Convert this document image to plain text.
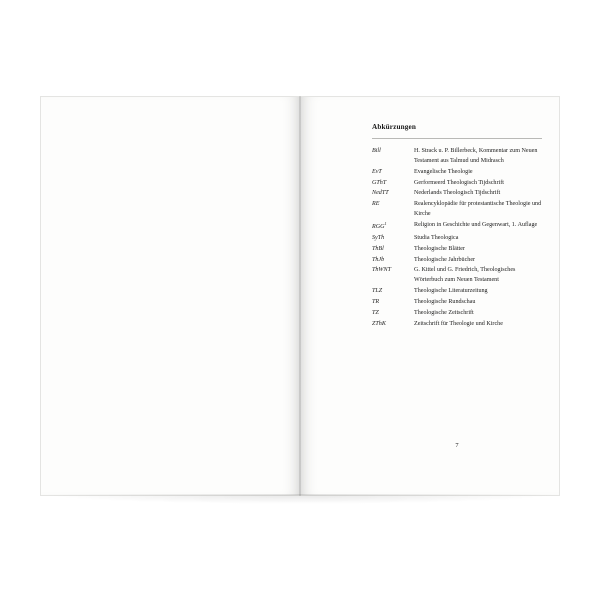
Abkürzungen
Bill	H. Strack u. P. Billerbeck, Kommentar zum Neuen Testament aus Talmud und Midrasch
EvT	Evangelische Theologie
GThT	Gerformeerd Theologisch Tijdschrift
NedTT	Nederlands Theologisch Tijdschrift
RE	Realencyklopädie für protestantische Theologie und Kirche
RGG$^1$	Religion in Geschichte und Gegenwart, 1. Auflage
SyTh	Studia Theologica
ThBl	Theologische Blätter
ThJb	Theologische Jahrbücher
ThWNT	G. Kittel und G. Friedrich, Theologisches Wörterbuch zum Neuen Testament
TLZ	Theologische Literaturzeitung
TR	Theologische Rundschau
TZ	Theologische Zeitschrift
ZThK	Zeitschrift für Theologie und Kirche
7
